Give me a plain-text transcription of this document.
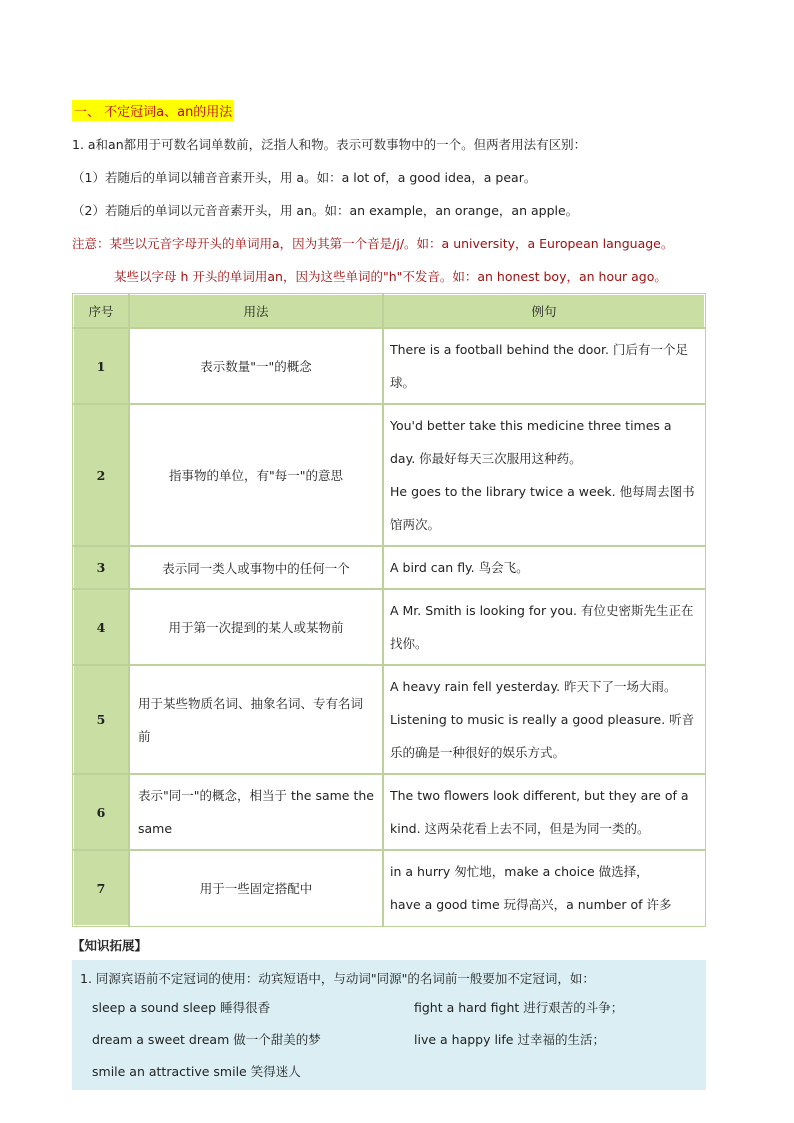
一、 不定冠词a、an的用法

1. a和an都用于可数名词单数前，泛指人和物。表示可数事物中的一个。但两者用法有区别：

（1）若随后的单词以辅音音素开头，用 a。如：a lot of，a good idea，a pear。

（2）若随后的单词以元音音素开头，用 an。如：an example，an orange，an apple。

注意：某些以元音字母开头的单词用a，因为其第一个音是/j/。如：a university，a European language。

某些以字母 h 开头的单词用an，因为这些单词的"h"不发音。如：an honest boy，an hour ago。

序号	用法	例句
1	表示数量"一"的概念	There is a football behind the door. 门后有一个足球。

2	指事物的单位，有"每一"的意思	You'd better take this medicine three times a day. 你最好每天三次服用这种药。
He goes to the library twice a week. 他每周去图书馆两次。

3	表示同一类人或事物中的任何一个	A bird can fly. 鸟会飞。

4	用于第一次提到的某人或某物前	A Mr. Smith is looking for you. 有位史密斯先生正在找你。

5	用于某些物质名词、抽象名词、专有名词前	A heavy rain fell yesterday. 昨天下了一场大雨。
Listening to music is really a good pleasure. 听音乐的确是一种很好的娱乐方式。

6	表示"同一"的概念，相当于 the same the same	The two flowers look different, but they are of a kind. 这两朵花看上去不同，但是为同一类的。

7	用于一些固定搭配中	in a hurry 匆忙地，make a choice 做选择，
have a good time 玩得高兴，a number of 许多
【知识拓展】
1. 同源宾语前不定冠词的使用：动宾短语中，与动词"同源"的名词前一般要加不定冠词，如：
sleep a sound sleep 睡得很香	fight a hard fight 进行艰苦的斗争；
dream a sweet dream 做一个甜美的梦	live a happy life 过幸福的生活；
smile an attractive smile 笑得迷人
